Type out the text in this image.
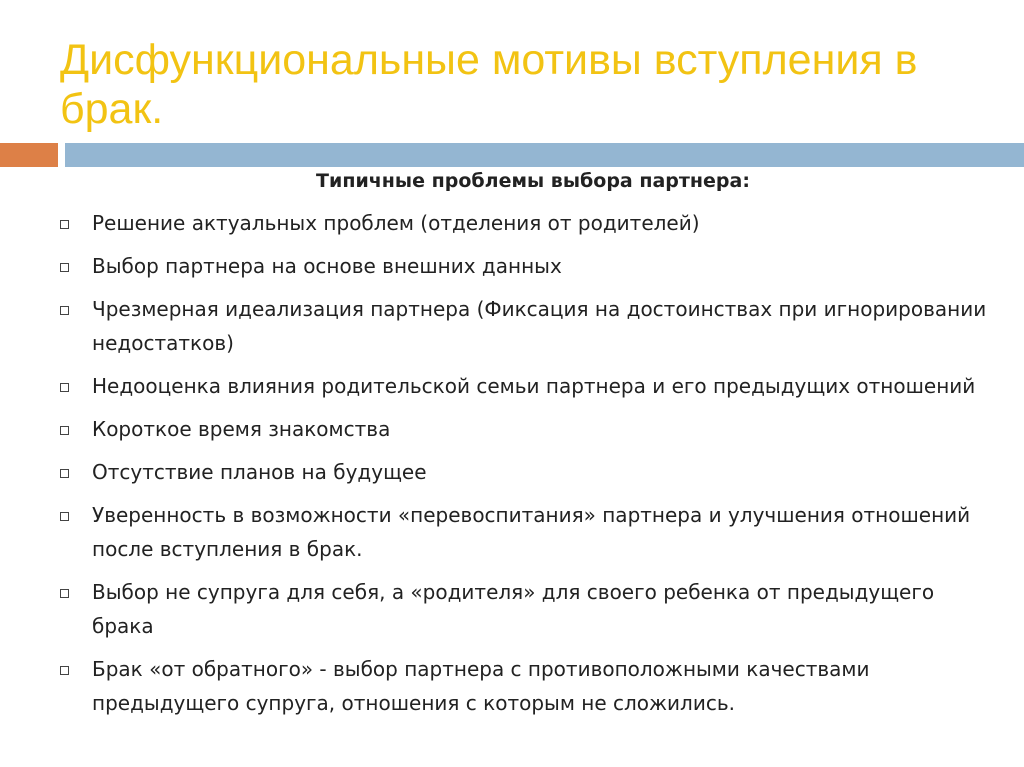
Дисфункциональные мотивы вступления в брак.

Типичные проблемы выбора партнера:

Решение актуальных проблем (отделения от родителей)
Выбор партнера на основе внешних данных
Чрезмерная идеализация партнера (Фиксация на достоинствах при игнорировании недостатков)
Недооценка влияния родительской семьи партнера и его предыдущих отношений
Короткое время знакомства
Отсутствие планов на будущее
Уверенность в возможности «перевоспитания» партнера и улучшения отношений после вступления в брак.
Выбор не супруга для себя, а «родителя» для своего ребенка от предыдущего брака
Брак «от обратного» - выбор партнера с противоположными качествами предыдущего супруга, отношения с которым не сложились.
